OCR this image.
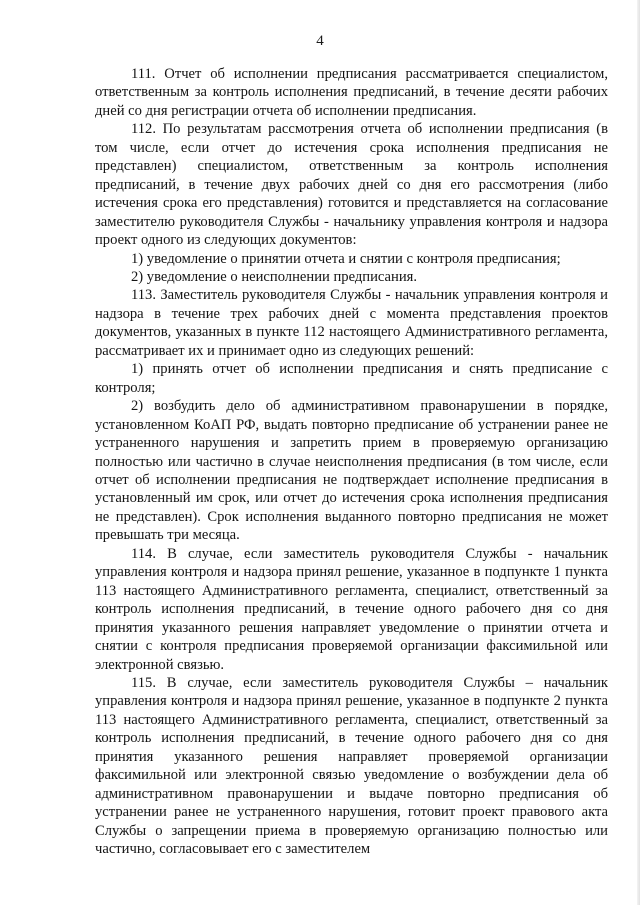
4

111. Отчет об исполнении предписания рассматривается специалистом, ответственным за контроль исполнения предписаний, в течение десяти рабочих дней со дня регистрации отчета об исполнении предписания.

112. По результатам рассмотрения отчета об исполнении предписания (в том числе, если отчет до истечения срока исполнения предписания не представлен) специалистом, ответственным за контроль исполнения предписаний, в течение двух рабочих дней со дня его рассмотрения (либо истечения срока его представления) готовится и представляется на согласование заместителю руководителя Службы - начальнику управления контроля и надзора проект одного из следующих документов:

1) уведомление о принятии отчета и снятии с контроля предписания;

2) уведомление о неисполнении предписания.

113. Заместитель руководителя Службы - начальник управления контроля и надзора в течение трех рабочих дней с момента представления проектов документов, указанных в пункте 112 настоящего Административного регламента, рассматривает их и принимает одно из следующих решений:

1) принять отчет об исполнении предписания и снять предписание с контроля;

2) возбудить дело об административном правонарушении в порядке, установленном КоАП РФ, выдать повторно предписание об устранении ранее не устраненного нарушения и запретить прием в проверяемую организацию полностью или частично в случае неисполнения предписания (в том числе, если отчет об исполнении предписания не подтверждает исполнение предписания в установленный им срок, или отчет до истечения срока исполнения предписания не представлен). Срок исполнения выданного повторно предписания не может превышать три месяца.

114. В случае, если заместитель руководителя Службы - начальник управления контроля и надзора принял решение, указанное в подпункте 1 пункта 113 настоящего Административного регламента, специалист, ответственный за контроль исполнения предписаний, в течение одного рабочего дня со дня принятия указанного решения направляет уведомление о принятии отчета и снятии с контроля предписания проверяемой организации факсимильной или электронной связью.

115. В случае, если заместитель руководителя Службы – начальник управления контроля и надзора принял решение, указанное в подпункте 2 пункта 113 настоящего Административного регламента, специалист, ответственный за контроль исполнения предписаний, в течение одного рабочего дня со дня принятия указанного решения направляет проверяемой организации факсимильной или электронной связью уведомление о возбуждении дела об административном правонарушении и выдаче повторно предписания об устранении ранее не устраненного нарушения, готовит проект правового акта Службы о запрещении приема в проверяемую организацию полностью или частично, согласовывает его с заместителем
